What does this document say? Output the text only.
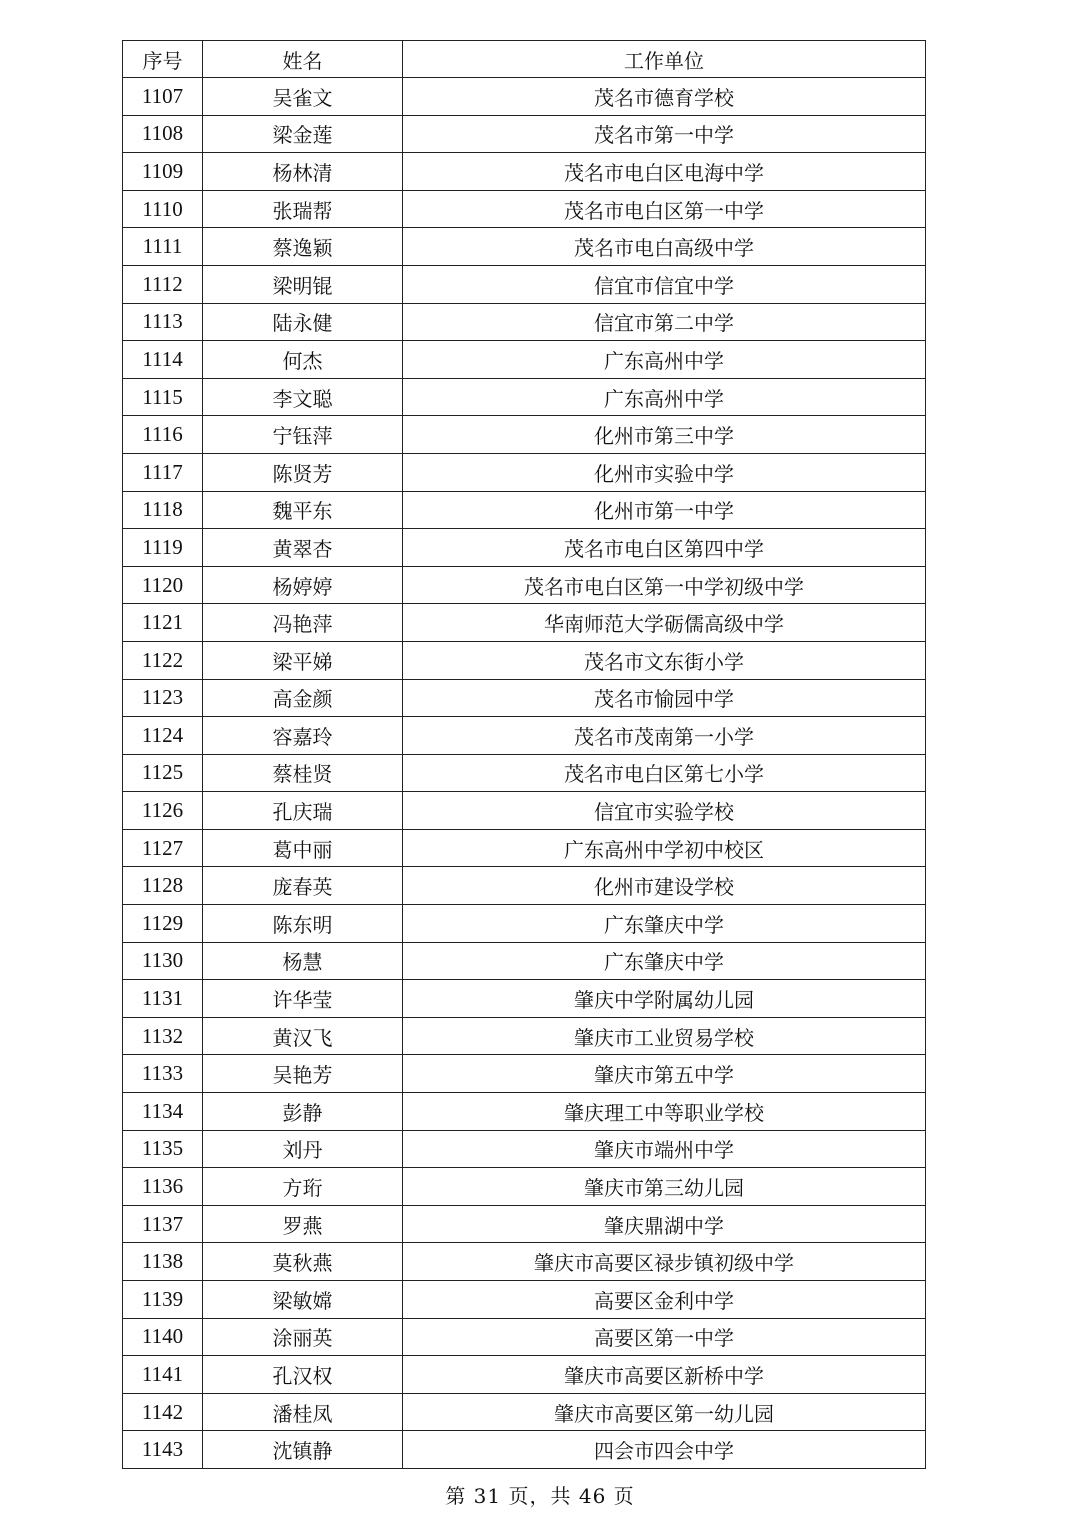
序号	姓名	工作单位
1107	吴雀文	茂名市德育学校
1108	梁金莲	茂名市第一中学
1109	杨林清	茂名市电白区电海中学
1110	张瑞帮	茂名市电白区第一中学
1111	蔡逸颖	茂名市电白高级中学
1112	梁明锟	信宜市信宜中学
1113	陆永健	信宜市第二中学
1114	何杰	广东高州中学
1115	李文聪	广东高州中学
1116	宁钰萍	化州市第三中学
1117	陈贤芳	化州市实验中学
1118	魏平东	化州市第一中学
1119	黄翠杏	茂名市电白区第四中学
1120	杨婷婷	茂名市电白区第一中学初级中学
1121	冯艳萍	华南师范大学砺儒高级中学
1122	梁平娣	茂名市文东街小学
1123	高金颜	茂名市愉园中学
1124	容嘉玲	茂名市茂南第一小学
1125	蔡桂贤	茂名市电白区第七小学
1126	孔庆瑞	信宜市实验学校
1127	葛中丽	广东高州中学初中校区
1128	庞春英	化州市建设学校
1129	陈东明	广东肇庆中学
1130	杨慧	广东肇庆中学
1131	许华莹	肇庆中学附属幼儿园
1132	黄汉飞	肇庆市工业贸易学校
1133	吴艳芳	肇庆市第五中学
1134	彭静	肇庆理工中等职业学校
1135	刘丹	肇庆市端州中学
1136	方珩	肇庆市第三幼儿园
1137	罗燕	肇庆鼎湖中学
1138	莫秋燕	肇庆市高要区禄步镇初级中学
1139	梁敏嫦	高要区金利中学
1140	涂丽英	高要区第一中学
1141	孔汉权	肇庆市高要区新桥中学
1142	潘桂凤	肇庆市高要区第一幼儿园
1143	沈镇静	四会市四会中学
第 31 页，共 46 页
